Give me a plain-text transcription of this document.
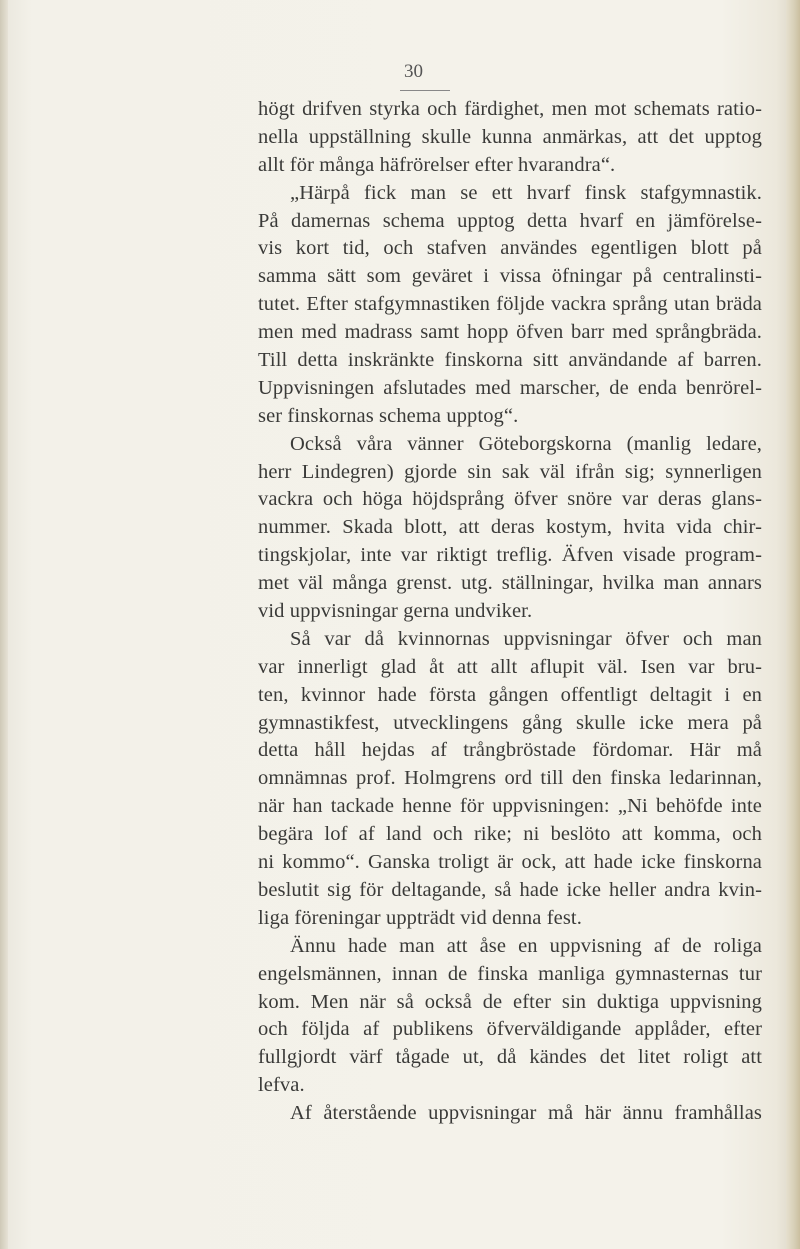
30
högt drifven styrka och färdighet, men mot schemats ratio-
nella uppställning skulle kunna anmärkas, att det upptog
allt för många häfrörelser efter hvarandra“.
„Härpå fick man se ett hvarf finsk stafgymnastik.
På damernas schema upptog detta hvarf en jämförelse-
vis kort tid, och stafven användes egentligen blott på
samma sätt som geväret i vissa öfningar på centralinsti-
tutet. Efter stafgymnastiken följde vackra språng utan bräda
men med madrass samt hopp öfven barr med språngbräda.
Till detta inskränkte finskorna sitt användande af barren.
Uppvisningen afslutades med marscher, de enda benrörel-
ser finskornas schema upptog“.
Också våra vänner Göteborgskorna (manlig ledare,
herr Lindegren) gjorde sin sak väl ifrån sig; synnerligen
vackra och höga höjdsprång öfver snöre var deras glans-
nummer. Skada blott, att deras kostym, hvita vida chir-
tingskjolar, inte var riktigt treflig. Äfven visade program-
met väl många grenst. utg. ställningar, hvilka man annars
vid uppvisningar gerna undviker.
Så var då kvinnornas uppvisningar öfver och man
var innerligt glad åt att allt aflupit väl. Isen var bru-
ten, kvinnor hade första gången offentligt deltagit i en
gymnastikfest, utvecklingens gång skulle icke mera på
detta håll hejdas af trångbröstade fördomar. Här må
omnämnas prof. Holmgrens ord till den finska ledarinnan,
när han tackade henne för uppvisningen: „Ni behöfde inte
begära lof af land och rike; ni beslöto att komma, och
ni kommo“. Ganska troligt är ock, att hade icke finskorna
beslutit sig för deltagande, så hade icke heller andra kvin-
liga föreningar uppträdt vid denna fest.
Ännu hade man att åse en uppvisning af de roliga
engelsmännen, innan de finska manliga gymnasternas tur
kom. Men när så också de efter sin duktiga uppvisning
och följda af publikens öfverväldigande applåder, efter
fullgjordt värf tågade ut, då kändes det litet roligt att
lefva.
Af återstående uppvisningar må här ännu framhållas
